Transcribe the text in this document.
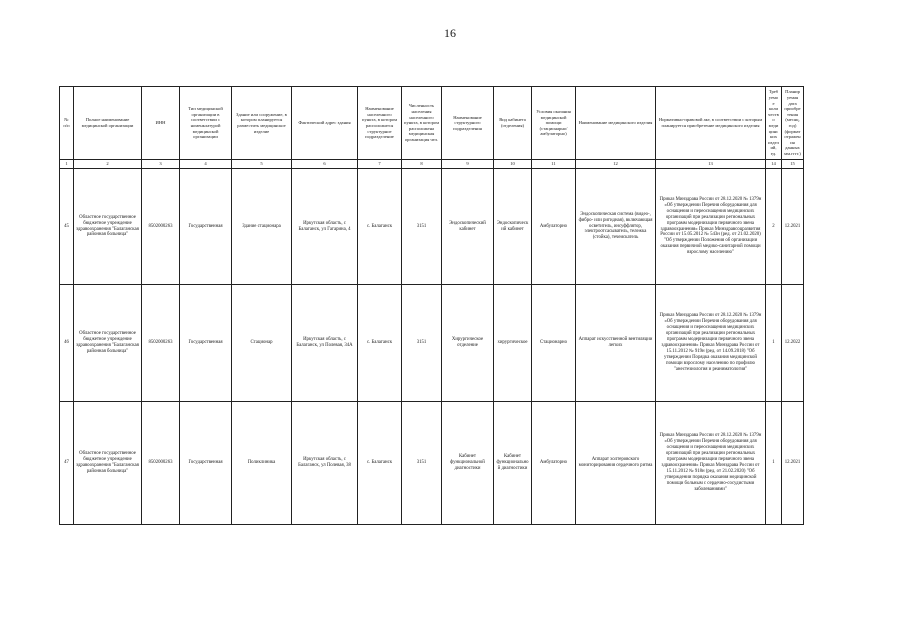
16
№ п/п	Полное наименование медицинской организации	ИНН	Тип медицинской организации в соответствии с номенклатурой медицинской организации	Здание или сооружение, в котором планируется разместить медицинское изделие	Фактический адрес здания	Наименование населенного пункта, в котором расположится структурное подразделение	Численность населения населенного пункта, в котором расположена медицинская организация чел.	Наименование структурного подразделения	Вид кабинета (отделения)	Условия оказания медицинской помощи (стационарно/амбулаторно)	Наименование медицинского изделия	Нормативно-правовой акт, в соответствии с которым планируется приобретение медицинского изделия	Требуемое количество медицинских изделий, ед.	Планируемая дата приобретения (месяц, год) (формат отражения данных мм.гггг.)
1	2	3	4	5	6	7	8	9	10	11	12	13	14	15
45	Областное государственное бюджетное учреждение здравоохранения "Балаганская районная больница"	8502000263	Государственная	Здание стационара	Иркутская область, с Балаганск, ул Гагарина, 4	с. Балаганск	3151	Эндоскопический кабинет	Эндоскопический кабинет	Амбулаторно	Эндоскопическая система (видео-, фибро- или ригидная), включающая осветитель, инсуффлятор, электроотсасыватель, тележка (стойка), течеискатель	Приказ Минздрава России от 28.12.2020 № 1379н «Об утверждении Перечня оборудования для оснащения и переоснащения медицинских организаций при реализации региональных программ модернизации первичного звена здравоохранения» Приказ Минздравсоцразвития России от 15.05.2012 № 543н (ред. от 21.02.2020) "Об утверждении Положения об организации оказания первичной медико-санитарной помощи взрослому населению"	2	12.2021
46	Областное государственное бюджетное учреждение здравоохранения "Балаганская районная больница"	8502000263	Государственная	Стационар	Иркутская область, с Балаганск, ул Полевая, 34А	с. Балаганск	3151	Хирургическое отделение	хирургическое	Стационарно	Аппарат искусственной вентиляции легких	Приказ Минздрава России от 28.12.2020 № 1379н «Об утверждении Перечня оборудования для оснащения и переоснащения медицинских организаций при реализации региональных программ модернизации первичного звена здравоохранения» Приказ Минздрава России от 15.11.2012 № 919н (ред. от 14.09.2018) "Об утверждении Порядка оказания медицинской помощи взрослому населению по профилю "анестезиология и реаниматология"	1	12.2022
47	Областное государственное бюджетное учреждение здравоохранения "Балаганская районная больница"	8502000263	Государственная	Поликлиника	Иркутская область, с Балаганск, ул Полевая, 38	с. Балаганск	3151	Кабинет функциональной диагностики	Кабинет функциональной диагностики	Амбулаторно	Аппарат холтеровского мониторирования сердечного ритма	Приказ Минздрава России от 28.12.2020 № 1379н «Об утверждении Перечня оборудования для оснащения и переоснащения медицинских организаций при реализации региональных программ модернизации первичного звена здравоохранения» Приказ Минздрава России от 15.11.2012 № 918н (ред. от 21.02.2020) "Об утверждении порядка оказания медицинской помощи больным с сердечно-сосудистыми заболеваниями"	1	12.2021
